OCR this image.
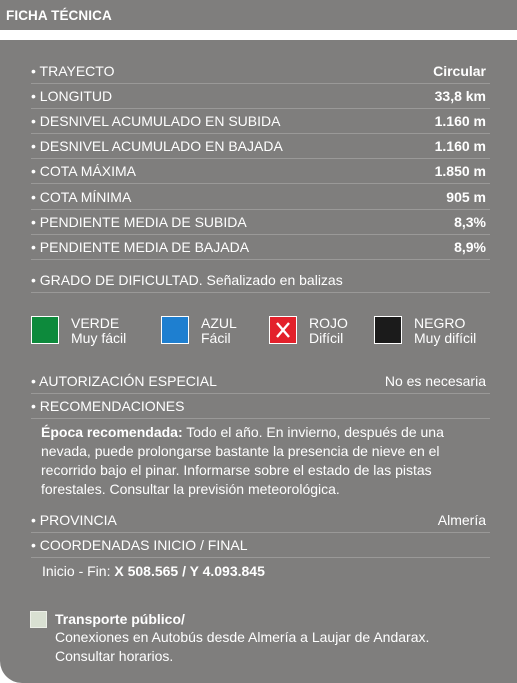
FICHA TÉCNICA
• TRAYECTO	Circular
• LONGITUD	33,8 km
• DESNIVEL ACUMULADO EN SUBIDA	1.160 m
• DESNIVEL ACUMULADO EN BAJADA	1.160 m
• COTA MÁXIMA	1.850 m
• COTA MÍNIMA	905 m
• PENDIENTE MEDIA DE SUBIDA	8,3%
• PENDIENTE MEDIA DE BAJADA	8,9%
• GRADO DE DIFICULTAD. Señalizado en balizas
VERDE
Muy fácil
AZUL
Fácil
ROJO
Difícil
NEGRO
Muy difícil
• AUTORIZACIÓN ESPECIAL	No es necesaria
• RECOMENDACIONES
Época recomendada: Todo el año. En invierno, después de una nevada, puede prolongarse bastante la presencia de nieve en el recorrido bajo el pinar. Informarse sobre el estado de las pistas forestales. Consultar la previsión meteorológica.
• PROVINCIA	Almería
• COORDENADAS INICIO / FINAL
Inicio - Fin: X 508.565 / Y 4.093.845
Transporte público/
Conexiones en Autobús desde Almería a Laujar de Andarax.
Consultar horarios.
